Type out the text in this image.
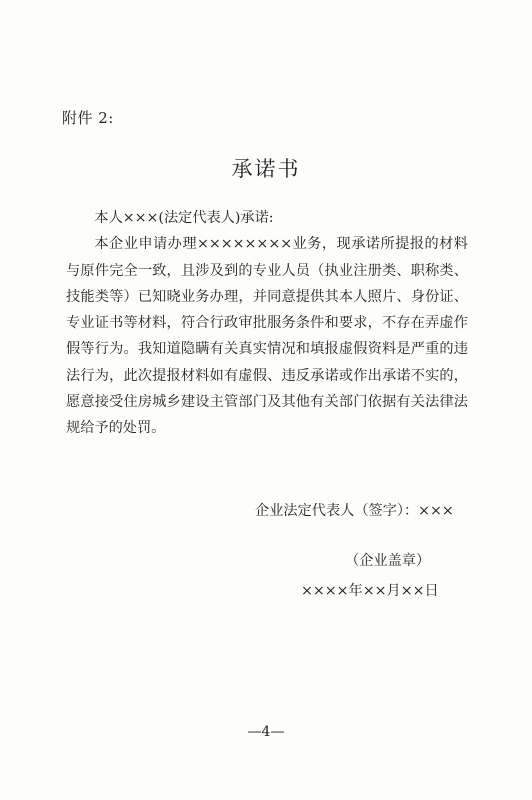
附件 2:
承诺书

本人×××(法定代表人)承诺:

本企业申请办理××××××××业务，现承诺所提报的材料与原件完全一致，且涉及到的专业人员（执业注册类、职称类、技能类等）已知晓业务办理，并同意提供其本人照片、身份证、专业证书等材料，符合行政审批服务条件和要求，不存在弄虚作假等行为。我知道隐瞒有关真实情况和填报虚假资料是严重的违法行为，此次提报材料如有虚假、违反承诺或作出承诺不实的，愿意接受住房城乡建设主管部门及其他有关部门依据有关法律法规给予的处罚。

企业法定代表人（签字）：×××
（企业盖章）
××××年××月××日
—4—
